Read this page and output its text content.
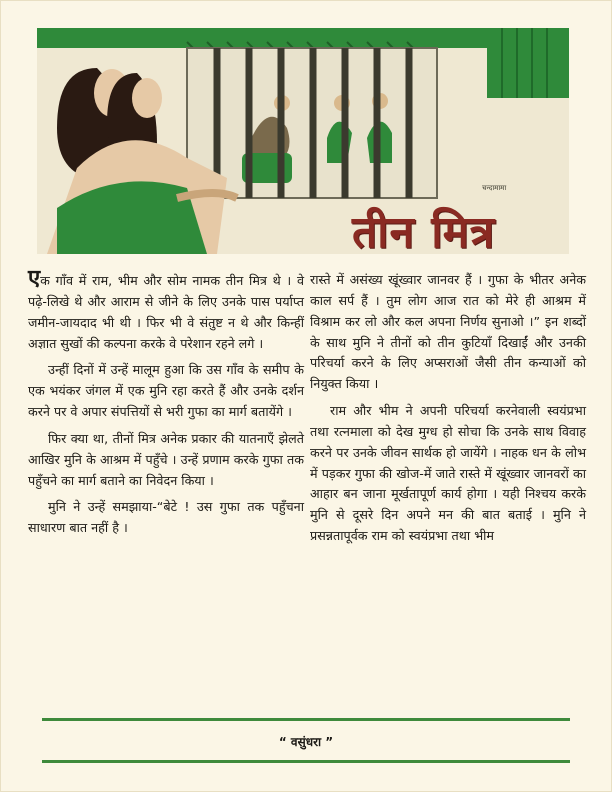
चन्दामामा
तीन मित्र

एक गाँव में राम, भीम और सोम नामक तीन मित्र थे । वे पढ़े-लिखे थे और आराम से जीने के लिए उनके पास पर्याप्त जमीन-जायदाद भी थी । फिर भी वे संतुष्ट न थे और किन्हीं अज्ञात सुखों की कल्पना करके वे परेशान रहने लगे ।

उन्हीं दिनों में उन्हें मालूम हुआ कि उस गाँव के समीप के एक भयंकर जंगल में एक मुनि रहा करते हैं और उनके दर्शन करने पर वे अपार संपत्तियों से भरी गुफा का मार्ग बतायेंगे ।

फिर क्या था, तीनों मित्र अनेक प्रकार की यातनाएँ झेलते आखिर मुनि के आश्रम में पहुँचे । उन्हें प्रणाम करके गुफा तक पहुँचने का मार्ग बताने का निवेदन किया ।

मुनि ने उन्हें समझाया-“बेटे ! उस गुफा तक पहुँचना साधारण बात नहीं है ।

रास्ते में असंख्य खूंख्वार जानवर हैं । गुफा के भीतर अनेक काल सर्प हैं । तुम लोग आज रात को मेरे ही आश्रम में विश्राम कर लो और कल अपना निर्णय सुनाओ ।” इन शब्दों के साथ मुनि ने तीनों को तीन कुटियाँ दिखाईं और उनकी परिचर्या करने के लिए अप्सराओं जैसी तीन कन्याओं को नियुक्त किया ।

राम और भीम ने अपनी परिचर्या करनेवाली स्वयंप्रभा तथा रत्नमाला को देख मुग्ध हो सोचा कि उनके साथ विवाह करने पर उनके जीवन सार्थक हो जायेंगे । नाहक धन के लोभ में पड़कर गुफा की खोज-में जाते रास्ते में खूंख्वार जानवरों का आहार बन जाना मूर्खतापूर्ण कार्य होगा । यही निश्चय करके मुनि से दूसरे दिन अपने मन की बात बताई । मुनि ने प्रसन्नतापूर्वक राम को स्वयंप्रभा तथा भीम

“ वसुंधरा ”
